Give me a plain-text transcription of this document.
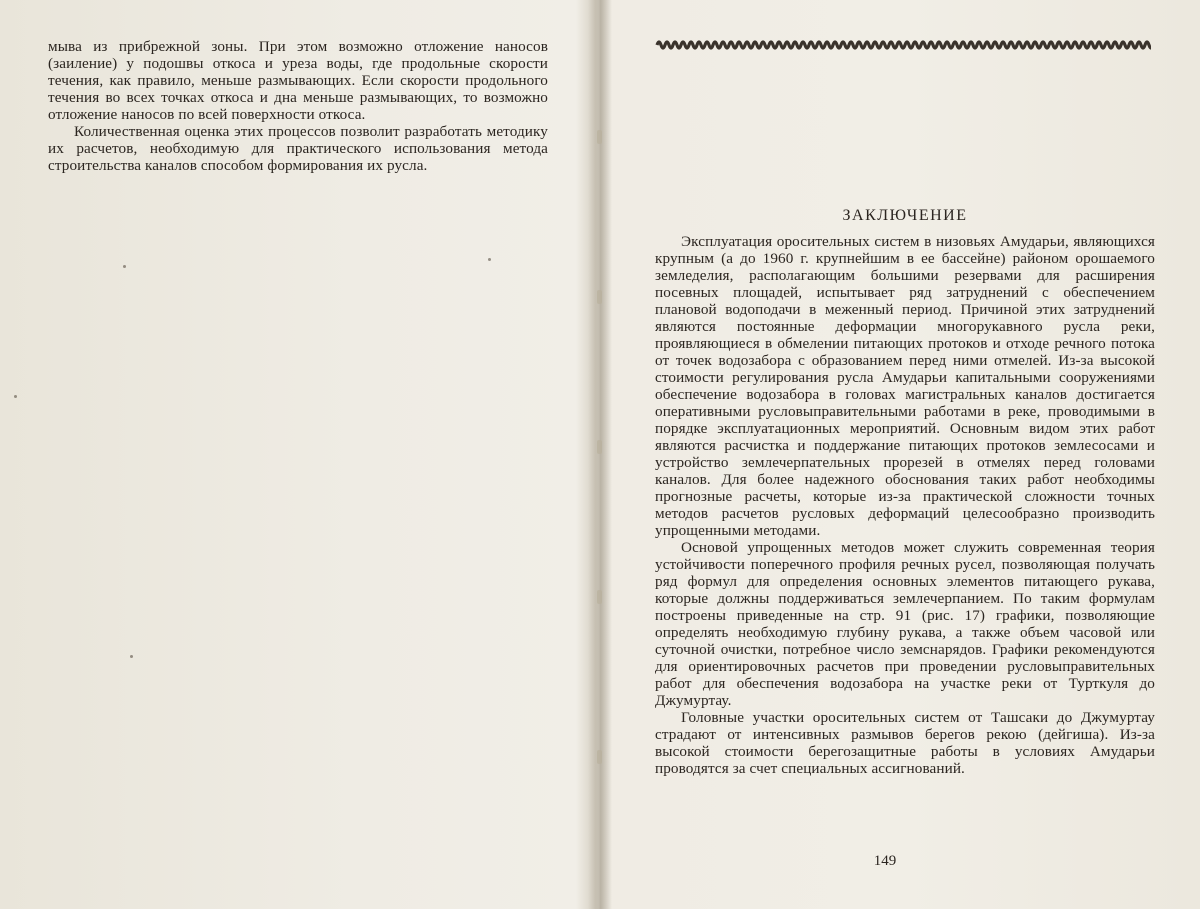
мыва из прибрежной зоны. При этом возможно отложение наносов (заиление) у подошвы откоса и уреза воды, где продольные скорости течения, как правило, меньше размывающих. Если скорости продольного течения во всех точках откоса и дна меньше размывающих, то возможно отложение наносов по всей поверхности откоса.

Количественная оценка этих процессов позволит разработать методику их расчетов, необходимую для практического использования метода строительства каналов способом формирования их русла.

ЗАКЛЮЧЕНИЕ

Эксплуатация оросительных систем в низовьях Амударьи, являющихся крупным (а до 1960 г. крупнейшим в ее бассейне) районом орошаемого земледелия, располагающим большими резервами для расширения посевных площадей, испытывает ряд затруднений с обеспечением плановой водоподачи в меженный период. Причиной этих затруднений являются постоянные деформации многорукавного русла реки, проявляющиеся в обмелении питающих протоков и отходе речного потока от точек водозабора с образованием перед ними отмелей. Из-за высокой стоимости регулирования русла Амударьи капитальными сооружениями обеспечение водозабора в головах магистральных каналов достигается оперативными русловыправительными работами в реке, проводимыми в порядке эксплуатационных мероприятий. Основным видом этих работ являются расчистка и поддержание питающих протоков землесосами и устройство землечерпательных прорезей в отмелях перед головами каналов. Для более надежного обоснования таких работ необходимы прогнозные расчеты, которые из-за практической сложности точных методов расчетов русловых деформаций целесообразно производить упрощенными методами.

Основой упрощенных методов может служить современная теория устойчивости поперечного профиля речных русел, позволяющая получать ряд формул для определения основных элементов питающего рукава, которые должны поддерживаться землечерпанием. По таким формулам построены приведенные на стр. 91 (рис. 17) графики, позволяющие определять необходимую глубину рукава, а также объем часовой или суточной очистки, потребное число земснарядов. Графики рекомендуются для ориентировочных расчетов при проведении русловыправительных работ для обеспечения водозабора на участке реки от Турткуля до Джумуртау.

Головные участки оросительных систем от Ташсаки до Джумуртау страдают от интенсивных размывов берегов рекою (дейгиша). Из-за высокой стоимости берегозащитные работы в условиях Амударьи проводятся за счет специальных ассигнований.

149
